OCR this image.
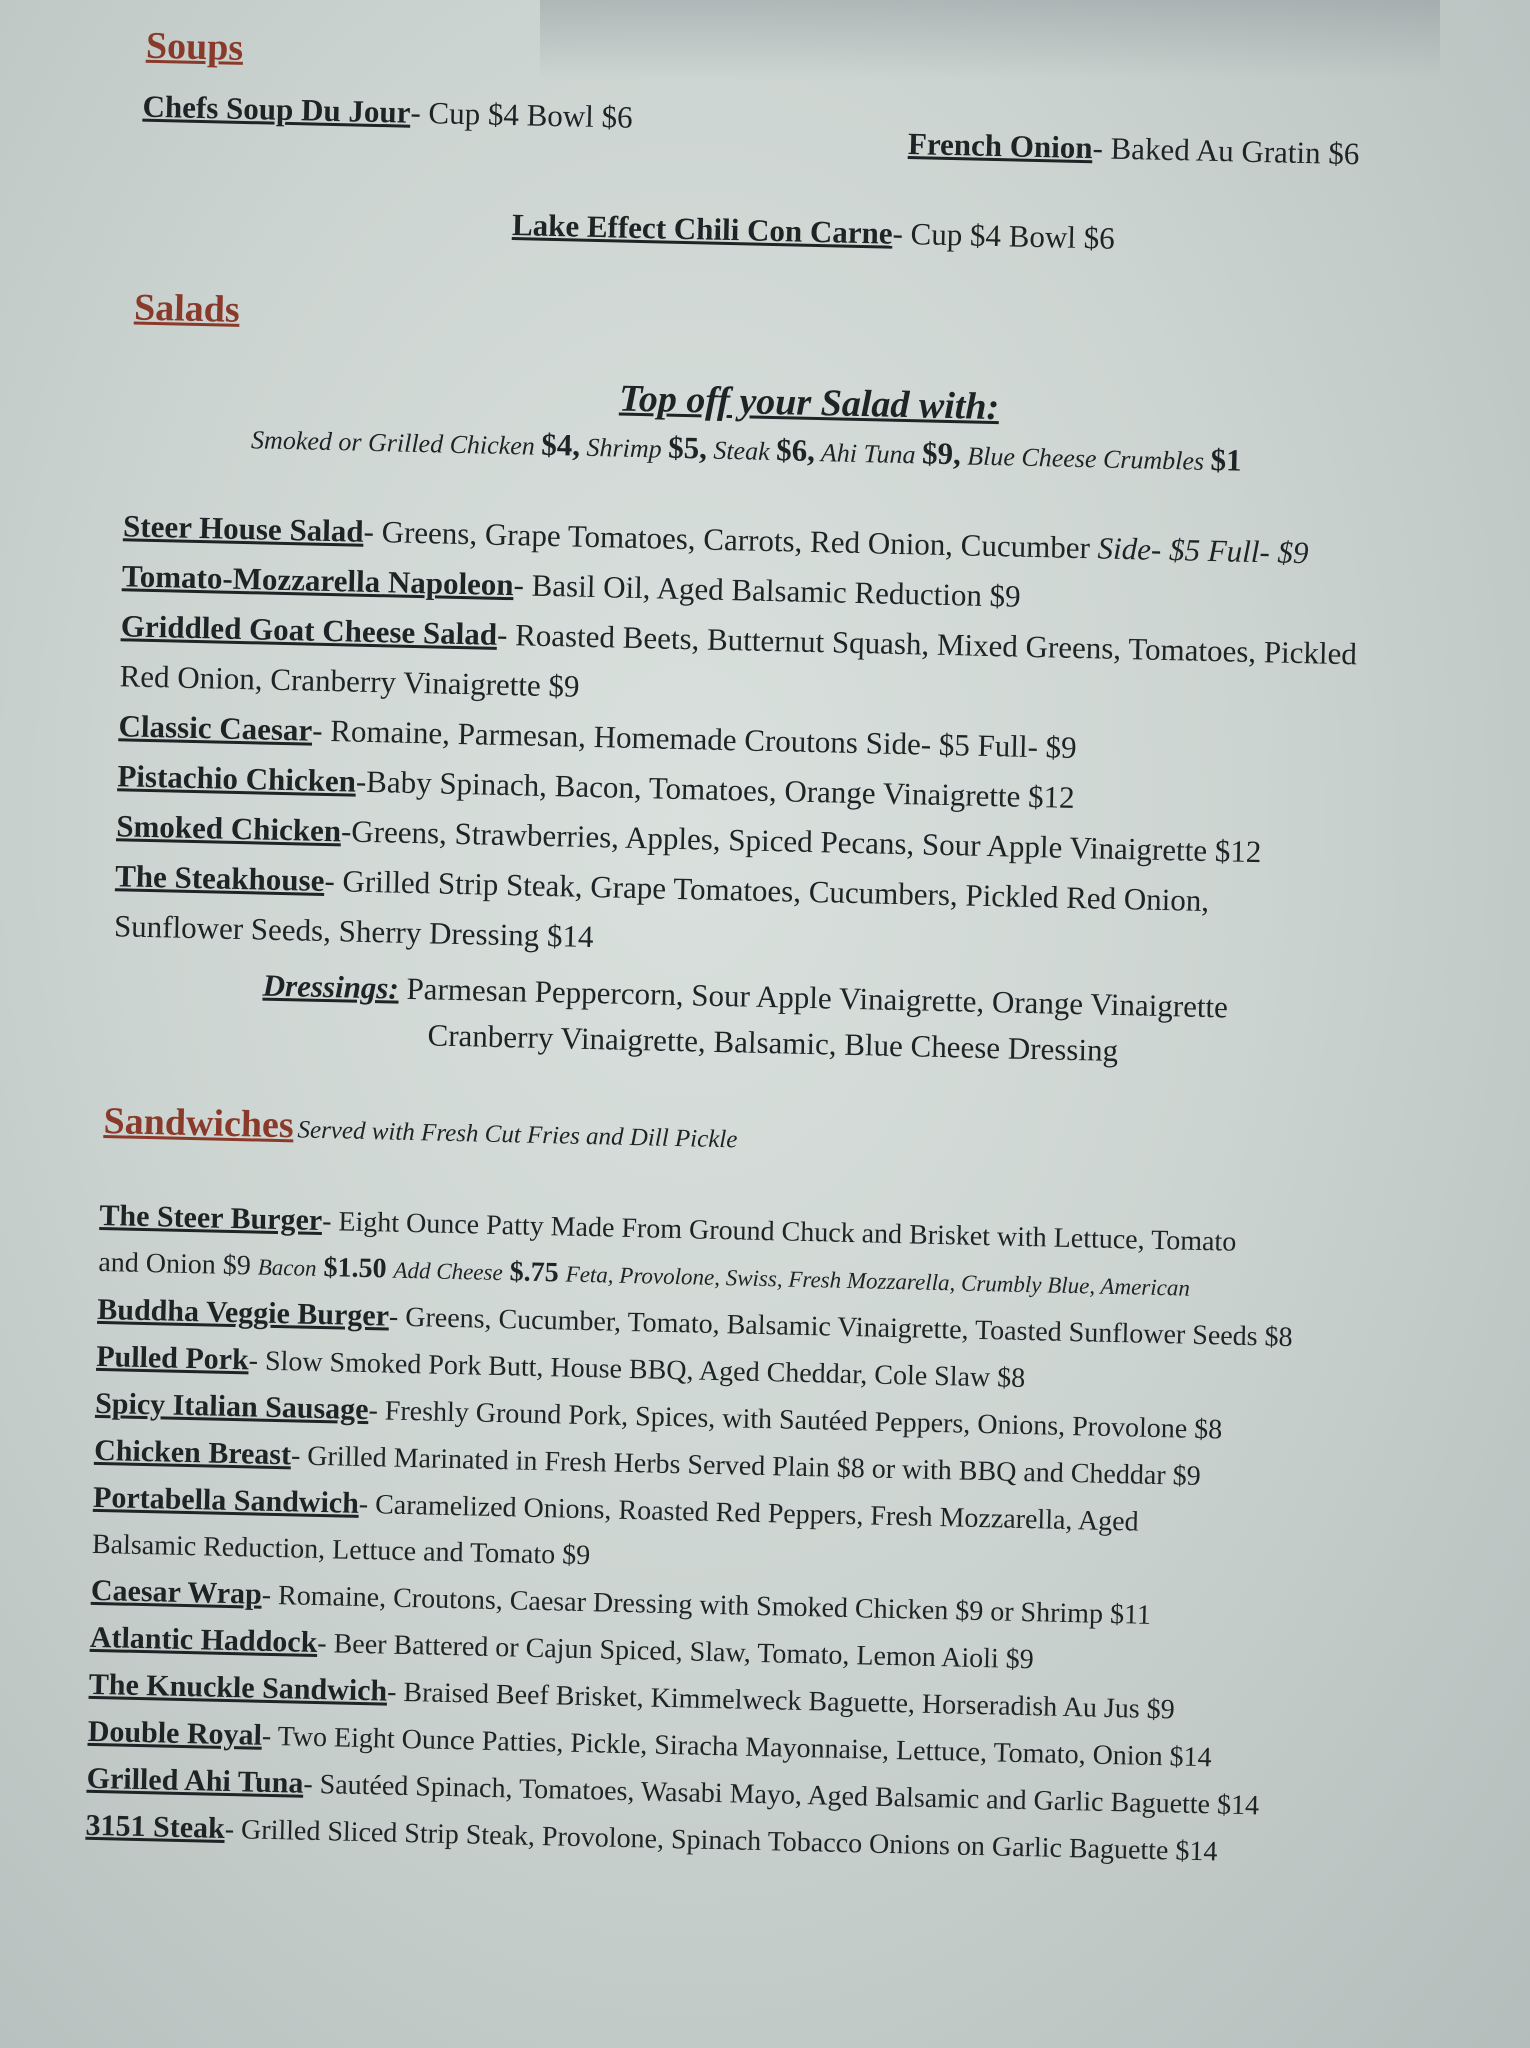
Soups
Chefs Soup Du Jour- Cup $4 Bowl $6
French Onion- Baked Au Gratin $6
Lake Effect Chili Con Carne- Cup $4 Bowl $6
Salads
Top off your Salad with:
Smoked or Grilled Chicken $4, Shrimp $5, Steak $6, Ahi Tuna $9, Blue Cheese Crumbles $1
Steer House Salad- Greens, Grape Tomatoes, Carrots, Red Onion, Cucumber Side- $5 Full- $9
Tomato-Mozzarella Napoleon- Basil Oil, Aged Balsamic Reduction $9
Griddled Goat Cheese Salad- Roasted Beets, Butternut Squash, Mixed Greens, Tomatoes, Pickled
Red Onion, Cranberry Vinaigrette $9
Classic Caesar- Romaine, Parmesan, Homemade Croutons Side- $5 Full- $9
Pistachio Chicken-Baby Spinach, Bacon, Tomatoes, Orange Vinaigrette $12
Smoked Chicken-Greens, Strawberries, Apples, Spiced Pecans, Sour Apple Vinaigrette $12
The Steakhouse- Grilled Strip Steak, Grape Tomatoes, Cucumbers, Pickled Red Onion,
Sunflower Seeds, Sherry Dressing $14
Dressings: Parmesan Peppercorn, Sour Apple Vinaigrette, Orange Vinaigrette
Cranberry Vinaigrette, Balsamic, Blue Cheese Dressing
Sandwiches Served with Fresh Cut Fries and Dill Pickle
The Steer Burger- Eight Ounce Patty Made From Ground Chuck and Brisket with Lettuce, Tomato
and Onion $9 Bacon $1.50 Add Cheese $.75 Feta, Provolone, Swiss, Fresh Mozzarella, Crumbly Blue, American
Buddha Veggie Burger- Greens, Cucumber, Tomato, Balsamic Vinaigrette, Toasted Sunflower Seeds $8
Pulled Pork- Slow Smoked Pork Butt, House BBQ, Aged Cheddar, Cole Slaw $8
Spicy Italian Sausage- Freshly Ground Pork, Spices, with Sautéed Peppers, Onions, Provolone $8
Chicken Breast- Grilled Marinated in Fresh Herbs Served Plain $8 or with BBQ and Cheddar $9
Portabella Sandwich- Caramelized Onions, Roasted Red Peppers, Fresh Mozzarella, Aged
Balsamic Reduction, Lettuce and Tomato $9
Caesar Wrap- Romaine, Croutons, Caesar Dressing with Smoked Chicken $9 or Shrimp $11
Atlantic Haddock- Beer Battered or Cajun Spiced, Slaw, Tomato, Lemon Aioli $9
The Knuckle Sandwich- Braised Beef Brisket, Kimmelweck Baguette, Horseradish Au Jus $9
Double Royal- Two Eight Ounce Patties, Pickle, Siracha Mayonnaise, Lettuce, Tomato, Onion $14
Grilled Ahi Tuna- Sautéed Spinach, Tomatoes, Wasabi Mayo, Aged Balsamic and Garlic Baguette $14
3151 Steak- Grilled Sliced Strip Steak, Provolone, Spinach Tobacco Onions on Garlic Baguette $14
